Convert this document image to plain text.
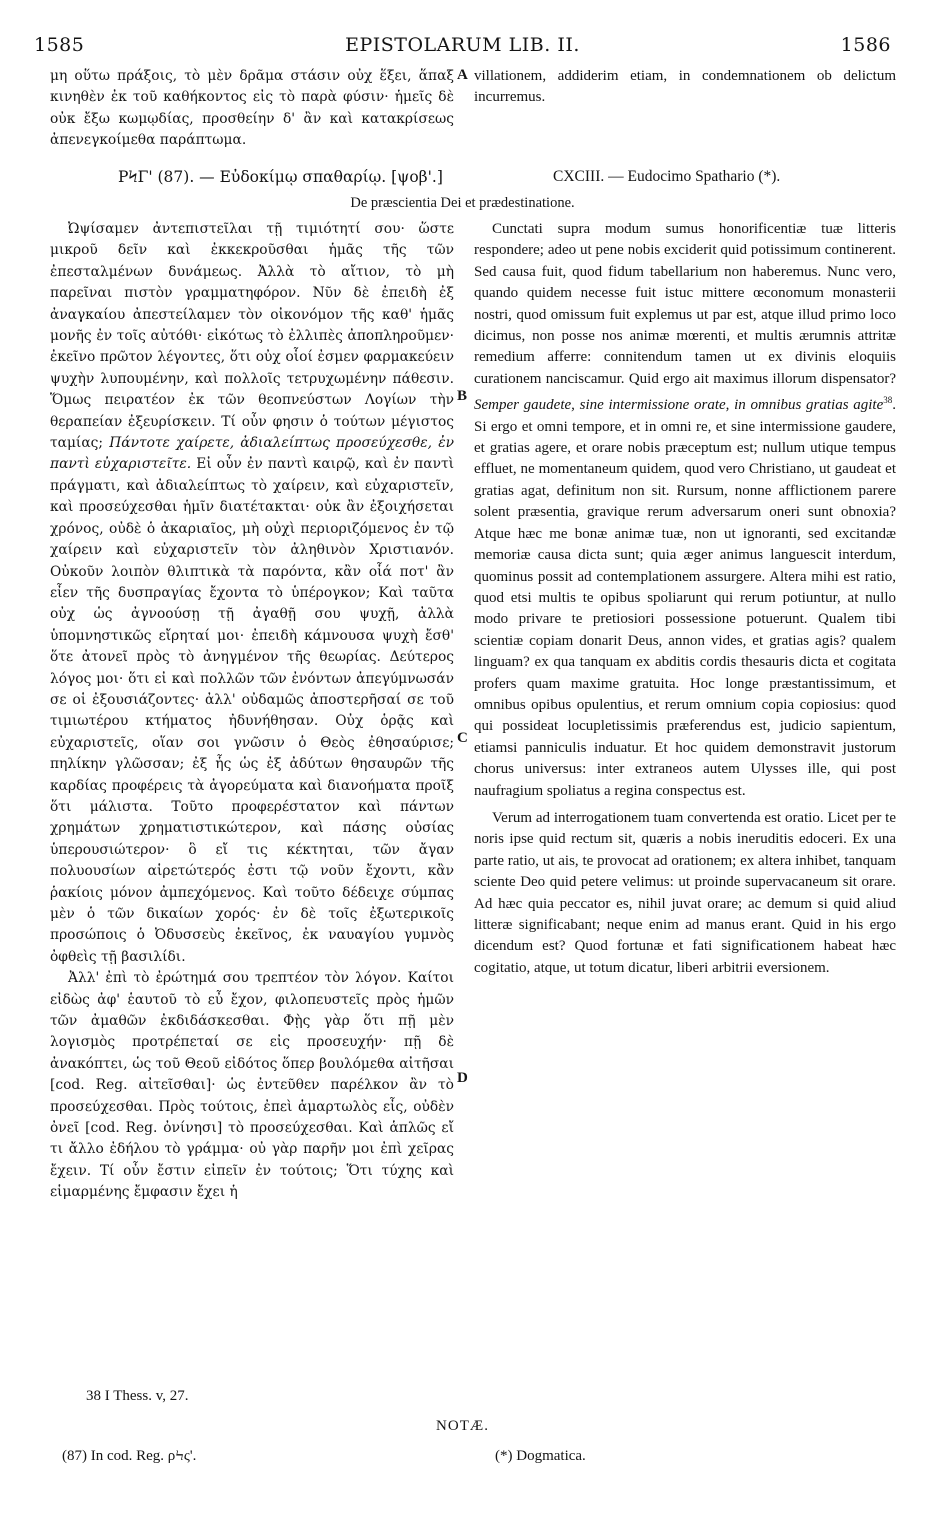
1585	EPISTOLARUM LIB. II.	1586

μη οὕτω πράξοις, τὸ μὲν δρᾶμα στάσιν οὐχ ἕξει, ἅπαξ κινηθὲν ἐκ τοῦ καθήκοντος εἰς τὸ παρὰ φύσιν· ἡμεῖς δὲ οὐκ ἔξω κωμῳδίας, προσθείην δ' ἂν καὶ κατακρίσεως ἀπενεγκοίμεθα παράπτωμα.

villationem, addiderim etiam, in condemnationem ob delictum incurremus.

A
ΡϞΓ' (87). — Εὐδοκίμῳ σπαθαρίῳ. [ψοβ'.]	CXCIII. — Eudocimo Spathario (*).
De præscientia Dei et prædestinatione.

Ὠψίσαμεν ἀντεπιστεῖλαι τῇ τιμιότητί σου· ὥστε μικροῦ δεῖν καὶ ἐκκεκροῦσθαι ἡμᾶς τῆς τῶν ἐπεσταλμένων δυνάμεως. Ἀλλὰ τὸ αἴτιον, τὸ μὴ παρεῖναι πιστὸν γραμματηφόρον. Νῦν δὲ ἐπειδὴ ἐξ ἀναγκαίου ἀπεστείλαμεν τὸν οἰκονόμον τῆς καθ' ἡμᾶς μονῆς ἐν τοῖς αὐτόθι· εἰκότως τὸ ἐλλιπὲς ἀποπληροῦμεν· ἐκεῖνο πρῶτον λέγοντες, ὅτι οὐχ οἷοί ἐσμεν φαρμακεύειν ψυχὴν λυπουμένην, καὶ πολλοῖς τετρυχωμένην πάθεσιν. Ὅμως πειρατέον ἐκ τῶν θεοπνεύστων Λογίων τὴν θεραπείαν ἐξευρίσκειν. Τί οὖν φησιν ὁ τούτων μέγιστος ταμίας; Πάντοτε χαίρετε, ἀδιαλείπτως προσεύχεσθε, ἐν παντὶ εὐχαριστεῖτε. Εἰ οὖν ἐν παντὶ καιρῷ, καὶ ἐν παντὶ πράγματι, καὶ ἀδιαλείπτως τὸ χαίρειν, καὶ εὐχαριστεῖν, καὶ προσεύχεσθαι ἡμῖν διατέτακται· οὐκ ἂν ἐξοιχήσεται χρόνος, οὐδὲ ὁ ἀκαριαῖος, μὴ οὐχὶ περιοριζόμενος ἐν τῷ χαίρειν καὶ εὐχαριστεῖν τὸν ἀληθινὸν Χριστιανόν. Οὐκοῦν λοιπὸν θλιπτικὰ τὰ παρόντα, κἂν οἷά ποτ' ἂν εἶεν τῆς δυσπραγίας ἔχοντα τὸ ὑπέρογκον; Καὶ ταῦτα οὐχ ὡς ἀγνοούσῃ τῇ ἀγαθῇ σου ψυχῇ, ἀλλὰ ὑπομνηστικῶς εἴρηταί μοι· ἐπειδὴ κάμνουσα ψυχὴ ἔσθ' ὅτε ἀτονεῖ πρὸς τὸ ἀνηγμένον τῆς θεωρίας. Δεύτερος λόγος μοι· ὅτι εἰ καὶ πολλῶν τῶν ἐνόντων ἀπεγύμνωσάν σε οἱ ἐξουσιάζοντες· ἀλλ' οὐδαμῶς ἀποστερῆσαί σε τοῦ τιμιωτέρου κτήματος ἠδυνήθησαν. Οὐχ ὁρᾷς καὶ εὐχαριστεῖς, οἵαν σοι γνῶσιν ὁ Θεὸς ἐθησαύρισε; πηλίκην γλῶσσαν; ἐξ ἧς ὡς ἐξ ἀδύτων θησαυρῶν τῆς καρδίας προφέρεις τὰ ἀγορεύματα καὶ διανοήματα προῖξ ὅτι μάλιστα. Τοῦτο προφερέστατον καὶ πάντων χρημάτων χρηματιστικώτερον, καὶ πάσης οὐσίας ὑπερουσιώτερον· ὃ εἴ τις κέκτηται, τῶν ἄγαν πολυουσίων αἱρετώτερός ἐστι τῷ νοῦν ἔχοντι, κἂν ῥακίοις μόνον ἀμπεχόμενος. Καὶ τοῦτο δέδειχε σύμπας μὲν ὁ τῶν δικαίων χορός· ἐν δὲ τοῖς ἐξωτερικοῖς προσώποις ὁ Ὀδυσσεὺς ἐκεῖνος, ἐκ ναυαγίου γυμνὸς ὀφθεὶς τῇ βασιλίδι.

Ἀλλ' ἐπὶ τὸ ἐρώτημά σου τρεπτέον τὸν λόγον. Καίτοι εἰδὼς ἀφ' ἑαυτοῦ τὸ εὖ ἔχον, φιλοπευστεῖς πρὸς ἡμῶν τῶν ἀμαθῶν ἐκδιδάσκεσθαι. Φῂς γὰρ ὅτι πῇ μὲν λογισμὸς προτρέπεταί σε εἰς προσευχήν· πῇ δὲ ἀνακόπτει, ὡς τοῦ Θεοῦ εἰδότος ὅπερ βουλόμεθα αἰτῆσαι [cod. Reg. αἰτεῖσθαι]· ὡς ἐντεῦθεν παρέλκον ἂν τὸ προσεύχεσθαι. Πρὸς τούτοις, ἐπεὶ ἁμαρτωλὸς εἶς, οὐδὲν ὀνεῖ [cod. Reg. ὀνίνησι] τὸ προσεύχεσθαι. Καὶ ἁπλῶς εἴ τι ἄλλο ἐδήλου τὸ γράμμα· οὐ γὰρ παρῆν μοι ἐπὶ χεῖρας ἔχειν. Τί οὖν ἔστιν εἰπεῖν ἐν τούτοις; Ὅτι τύχης καὶ εἱμαρμένης ἔμφασιν ἔχει ἡ

Cunctati supra modum sumus honorificentiæ tuæ litteris respondere; adeo ut pene nobis exciderit quid potissimum continerent. Sed causa fuit, quod fidum tabellarium non haberemus. Nunc vero, quando quidem necesse fuit istuc mittere œconomum monasterii nostri, quod omissum fuit explemus ut par est, atque illud primo loco dicimus, non posse nos animæ mœrenti, et multis ærumnis attritæ remedium afferre: connitendum tamen ut ex divinis eloquiis curationem nanciscamur. Quid ergo ait maximus illorum dispensator? Semper gaudete, sine intermissione orate, in omnibus gratias agite$^{38}$. Si ergo et omni tempore, et in omni re, et sine intermissione gaudere, et gratias agere, et orare nobis præceptum est; nullum utique tempus effluet, ne momentaneum quidem, quod vero Christiano, ut gaudeat et gratias agat, definitum non sit. Rursum, nonne afflictionem parere solent præsentia, gravique rerum adversarum oneri sunt obnoxia? Atque hæc me bonæ animæ tuæ, non ut ignoranti, sed excitandæ memoriæ causa dicta sunt; quia æger animus languescit interdum, quominus possit ad contemplationem assurgere. Altera mihi est ratio, quod etsi multis te opibus spoliarunt qui rerum potiuntur, at nullo modo privare te pretiosiori possessione potuerunt. Qualem tibi scientiæ copiam donarit Deus, annon vides, et gratias agis? qualem linguam? ex qua tanquam ex abditis cordis thesauris dicta et cogitata profers quam maxime gratuita. Hoc longe præstantissimum, et omnibus opibus opulentius, et rerum omnium copia copiosius: quod qui possideat locupletissimis præferendus est, judicio sapientum, etiamsi panniculis induatur. Et hoc quidem demonstravit justorum chorus universus: inter extraneos autem Ulysses ille, qui post naufragium spoliatus a regina conspectus est.

Verum ad interrogationem tuam convertenda est oratio. Licet per te noris ipse quid rectum sit, quæris a nobis ineruditis edoceri. Ex una parte ratio, ut ais, te provocat ad orationem; ex altera inhibet, tanquam sciente Deo quid petere velimus: ut proinde supervacaneum sit orare. Ad hæc quia peccator es, nihil juvat orare; ac demum si quid aliud litteræ significabant; neque enim ad manus erant. Quid in his ergo dicendum est? Quod fortunæ et fati significationem habeat hæc cogitatio, atque, ut totum dicatur, liberi arbitrii eversionem.

B
C
D
38 I Thess. v, 27.
NOTÆ.
(87) In cod. Reg. ρϞς'.	(*) Dogmatica.
